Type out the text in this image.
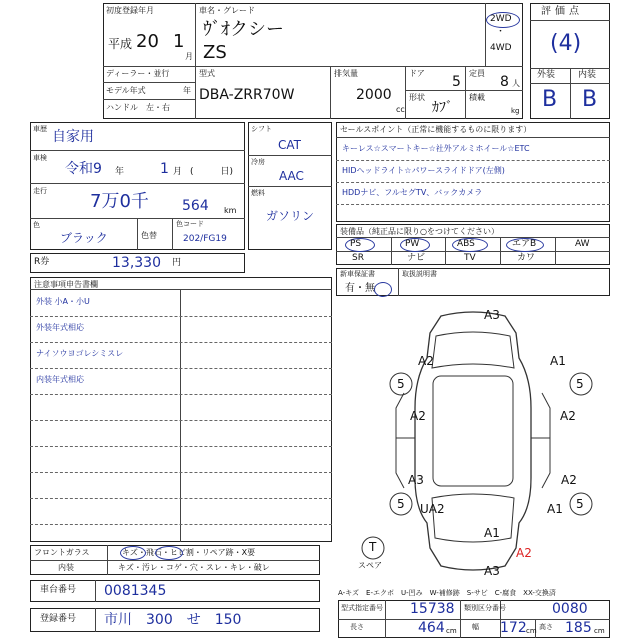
初度登録年月
平成 20 1
月
車名・グレード
ｳﾞｵクシー
ZS
2WD
・
4WD
ディーラー・並行
モデル年式	年
ハンドル　左・右
型式
DBA-ZRR70W
排気量
2000
cc
ドア
5
定員
8 人
形状
ｶﾌﾞ
積載
kg
評価点
(4)
外装	内装
B B
車歴 自家用
車検
令和9 年	1 月 (　　　日)
走行 7万0千 564 km
色
ブラック	色替
色コード
202/FG19
シフト
CAT
冷房
AAC
燃料
ガソリン
R券	13,330 円
セールスポイント（正常に機能するものに限ります）
キーレス☆スマートキー☆社外アルミホイール☆ETC
HIDヘッドライト☆パワースライドドア(左側)
HDDナビ、フルセグTV、バックカメラ
装備品（純正品に限り○をつけてください）
PS	PW	ABS	エアB	AW
SR	ナビ	TV	カワ
新車保証書
有・無
取扱説明書
注意事項申告書欄
外装 小A・小U
外装年式相応
ナイソウヨゴレシミスレ
内装年式相応
A3
A2	A1
5	5
A2	A2
A3	A2
5 UA2	5
A1
A1
A2
A3
T
スペア
フロントガラス	キズ・飛石・ヒビ割・リペア跡・X要
内装	キズ・汚レ・コゲ・穴・スレ・キレ・破レ
A-キズ　E-エクボ　U-凹み　W-補修跡　S-サビ　C-腐食　XX-交換済
車台番号 0081345
登録番号 市川　300　せ　150
型式指定番号 15738 類別区分番号	0080
長さ	464 cm 幅 172 cm 高さ 185 cm
